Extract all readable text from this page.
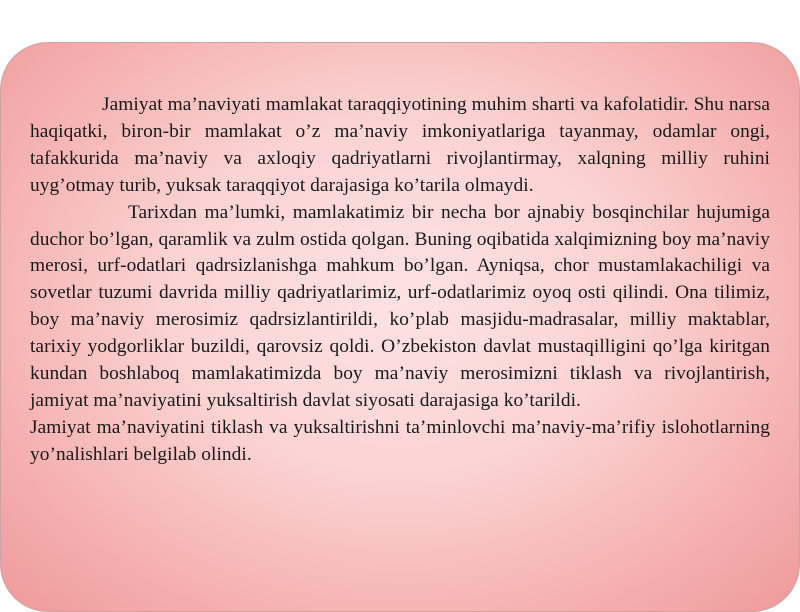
Jamiyat ma’naviyati mamlakat taraqqiyotining muhim sharti va kafolatidir. Shu narsa haqiqatki, biron-bir mamlakat o’z ma’naviy imkoniyatlariga tayanmay, odamlar ongi, tafakkurida ma’naviy va axloqiy qadriyatlarni rivojlantirmay, xalqning milliy ruhini uyg’otmay turib, yuksak taraqqiyot darajasiga ko’tarila olmaydi.

Tarixdan ma’lumki, mamlakatimiz bir necha bor ajnabiy bosqinchilar hujumiga duchor bo’lgan, qaramlik va zulm ostida qolgan. Buning oqibatida xalqimizning boy ma’naviy merosi, urf-odatlari qadrsizlanishga mahkum bo’lgan. Ayniqsa, chor mustamlakachiligi va sovetlar tuzumi davrida milliy qadriyatlarimiz, urf-odatlarimiz oyoq osti qilindi. Ona tilimiz, boy ma’naviy merosimiz qadrsizlantirildi, ko’plab masjidu-madrasalar, milliy maktablar, tarixiy yodgorliklar buzildi, qarovsiz qoldi. O’zbekiston davlat mustaqilligini qo’lga kiritgan kundan boshlaboq mamlakatimizda boy ma’naviy merosimizni tiklash va rivojlantirish, jamiyat ma’naviyatini yuksaltirish davlat siyosati darajasiga ko’tarildi.

Jamiyat ma’naviyatini tiklash va yuksaltirishni ta’minlovchi ma’naviy-ma’rifiy islohotlarning yo’nalishlari belgilab olindi.
